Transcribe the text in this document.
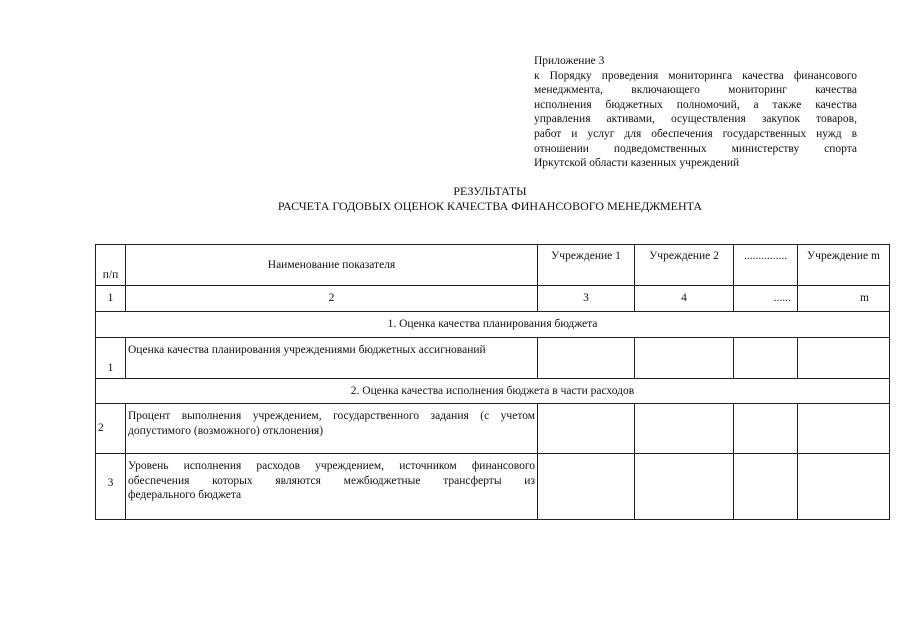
Приложение 3
к Порядку проведения мониторинга качества финансового
менеджмента, включающего мониторинг качества
исполнения бюджетных полномочий, а также качества
управления активами, осуществления закупок товаров,
работ и услуг для обеспечения государственных нужд в
отношении подведомственных министерству спорта
Иркутской области казенных учреждений
РЕЗУЛЬТАТЫ
РАСЧЕТА ГОДОВЫХ ОЦЕНОК КАЧЕСТВА ФИНАНСОВОГО МЕНЕДЖМЕНТА
п/п	Наименование показателя	Учреждение 1	Учреждение 2	...............	Учреждение m
1	2	3	4	......	m
1. Оценка качества планирования бюджета					
1	Оценка качества планирования учреждениями бюджетных ассигнований				
2. Оценка качества исполнения бюджета в части расходов					
2	Процент выполнения учреждением, государственного задания (с учетом
допустимого (возможного) отклонения)				

3	Уровень исполнения расходов учреждением, источником финансового
обеспечения которых являются межбюджетные трансферты из
федерального бюджета				
